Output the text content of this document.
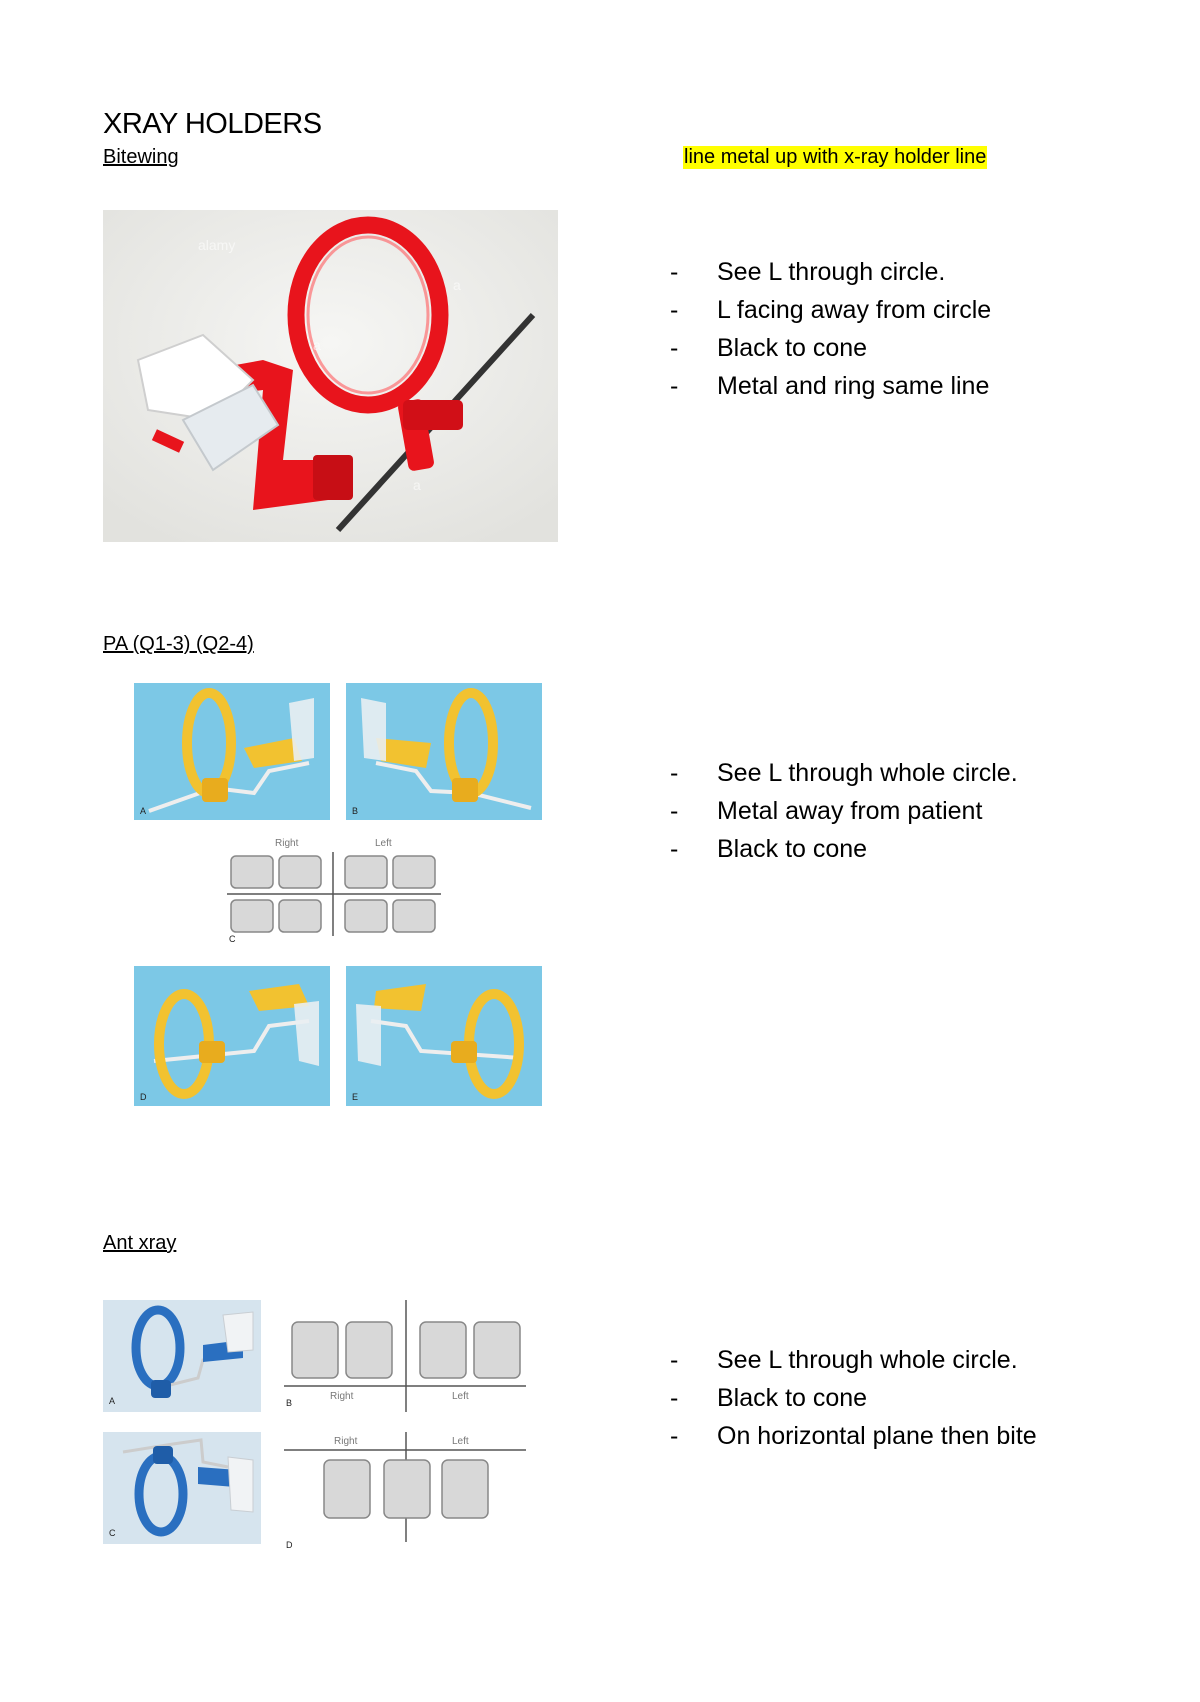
XRAY HOLDERS
Bitewing	line metal up with x-ray holder line
alamy
a
a
a
-	See L through circle.
- L facing away from circle
- Black to cone
- Metal and ring same line
PA (Q1-3) (Q2-4)
A	B
Right	Left
C
D	E
- See L through whole circle.
- Metal away from patient
- Black to cone
Ant xray
A
C
Right	Left
B
Right	Left
D
- See L through whole circle.
- Black to cone
- On horizontal plane then bite
